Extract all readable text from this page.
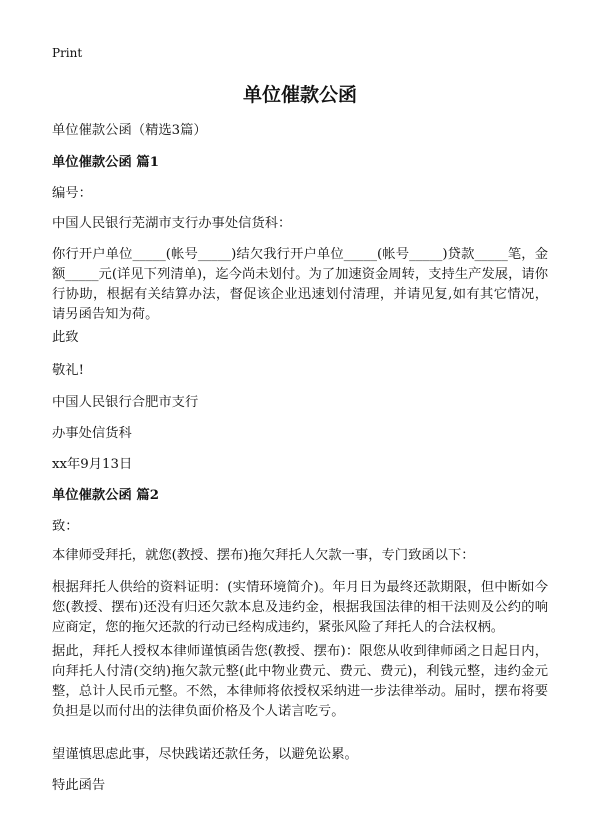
Print
单位催款公函

单位催款公函（精选3篇）

单位催款公函 篇1

编号：

中国人民银行芜湖市支行办事处信货科：

你行开户单位_____(帐号_____)结欠我行开户单位_____(帐号_____)贷款_____笔，金额_____元(详见下列清单)，迄今尚未划付。为了加速资金周转，支持生产发展，请你行协助，根据有关结算办法，督促该企业迅速划付清理，并请见复,如有其它情况，请另函告知为荷。

此致

敬礼!

中国人民银行合肥市支行

办事处信货科

xx年9月13日

单位催款公函 篇2

致：

本律师受拜托，就您(教授、摆布)拖欠拜托人欠款一事，专门致函以下：

根据拜托人供给的资料证明：(实情环境简介)。年月日为最终还款期限，但中断如今您(教授、摆布)还没有归还欠款本息及违约金，根据我国法律的相干法则及公约的响应商定，您的拖欠还款的行动已经构成违约，紧张风险了拜托人的合法权柄。

据此，拜托人授权本律师谨慎函告您(教授、摆布)：限您从收到律师函之日起日内，向拜托人付清(交纳)拖欠款元整(此中物业费元、费元、费元)，利钱元整，违约金元整，总计人民币元整。不然，本律师将依授权采纳进一步法律举动。届时，摆布将要负担是以而付出的法律负面价格及个人诺言吃亏。

望谨慎思虑此事，尽快践诺还款任务，以避免讼累。

特此函告
